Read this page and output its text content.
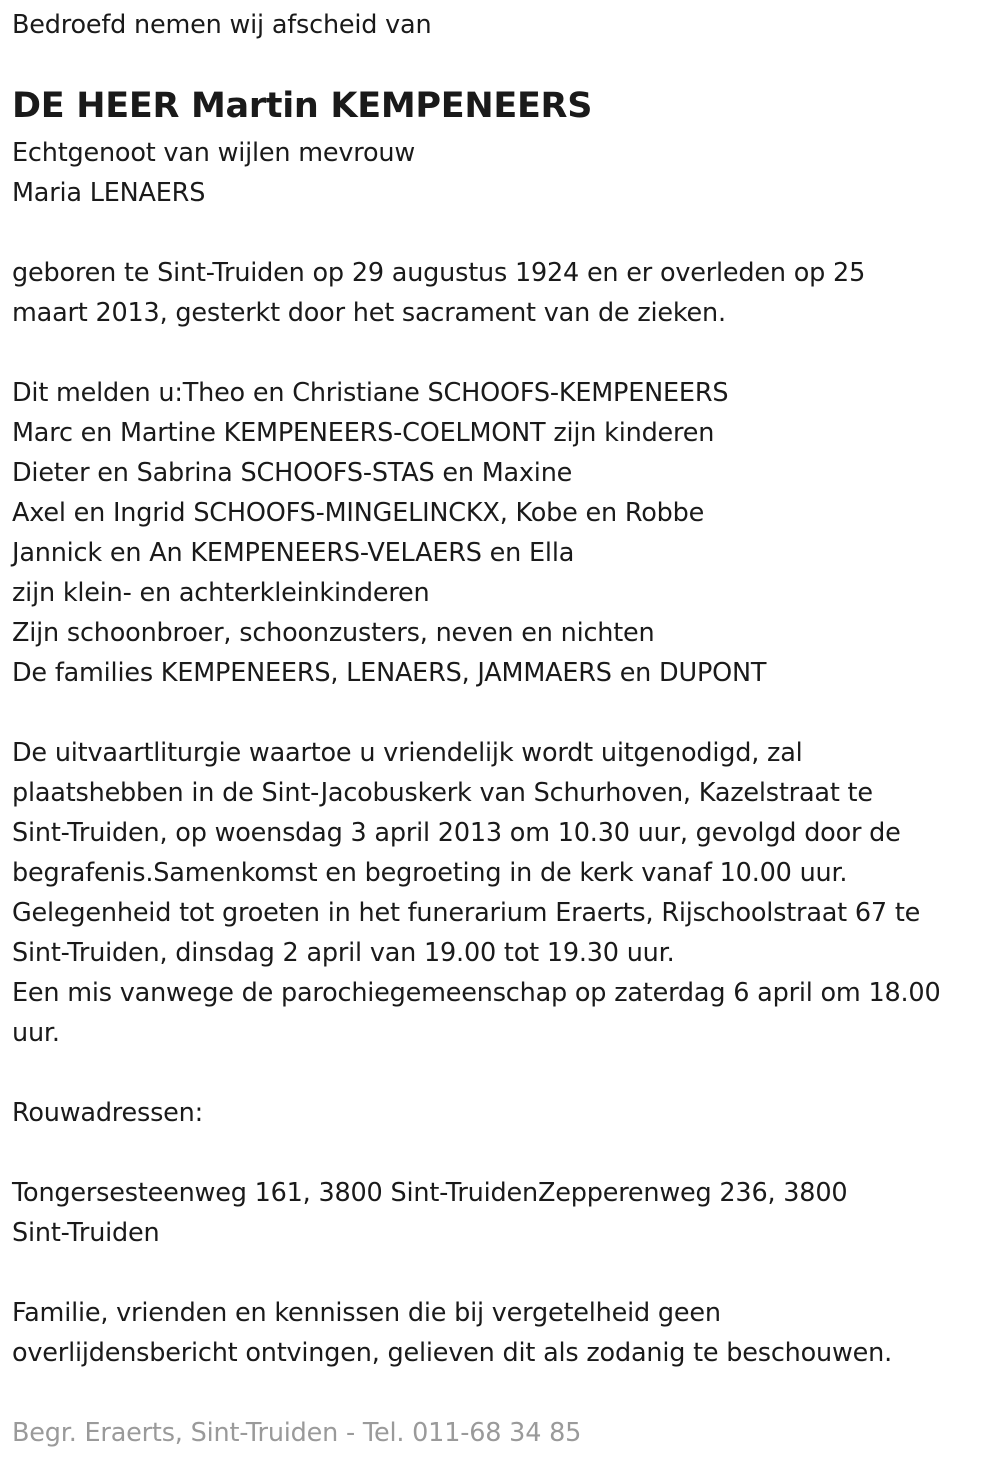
Bedroefd nemen wij afscheid van
DE HEER Martin KEMPENEERS
Echtgenoot van wijlen mevrouw
Maria LENAERS
geboren te Sint-Truiden op 29 augustus 1924 en er overleden op 25
maart 2013, gesterkt door het sacrament van de zieken.
Dit melden u:Theo en Christiane SCHOOFS-KEMPENEERS
Marc en Martine KEMPENEERS-COELMONT zijn kinderen
Dieter en Sabrina SCHOOFS-STAS en Maxine
Axel en Ingrid SCHOOFS-MINGELINCKX, Kobe en Robbe
Jannick en An KEMPENEERS-VELAERS en Ella
zijn klein- en achterkleinkinderen
Zijn schoonbroer, schoonzusters, neven en nichten
De families KEMPENEERS, LENAERS, JAMMAERS en DUPONT
De uitvaartliturgie waartoe u vriendelijk wordt uitgenodigd, zal
plaatshebben in de Sint-Jacobuskerk van Schurhoven, Kazelstraat te
Sint-Truiden, op woensdag 3 april 2013 om 10.30 uur, gevolgd door de
begrafenis.Samenkomst en begroeting in de kerk vanaf 10.00 uur.
Gelegenheid tot groeten in het funerarium Eraerts, Rijschoolstraat 67 te
Sint-Truiden, dinsdag 2 april van 19.00 tot 19.30 uur.
Een mis vanwege de parochiegemeenschap op zaterdag 6 april om 18.00
uur.
Rouwadressen:
Tongersesteenweg 161, 3800 Sint-TruidenZepperenweg 236, 3800
Sint-Truiden
Familie, vrienden en kennissen die bij vergetelheid geen
overlijdensbericht ontvingen, gelieven dit als zodanig te beschouwen.
Begr. Eraerts, Sint-Truiden - Tel. 011-68 34 85
